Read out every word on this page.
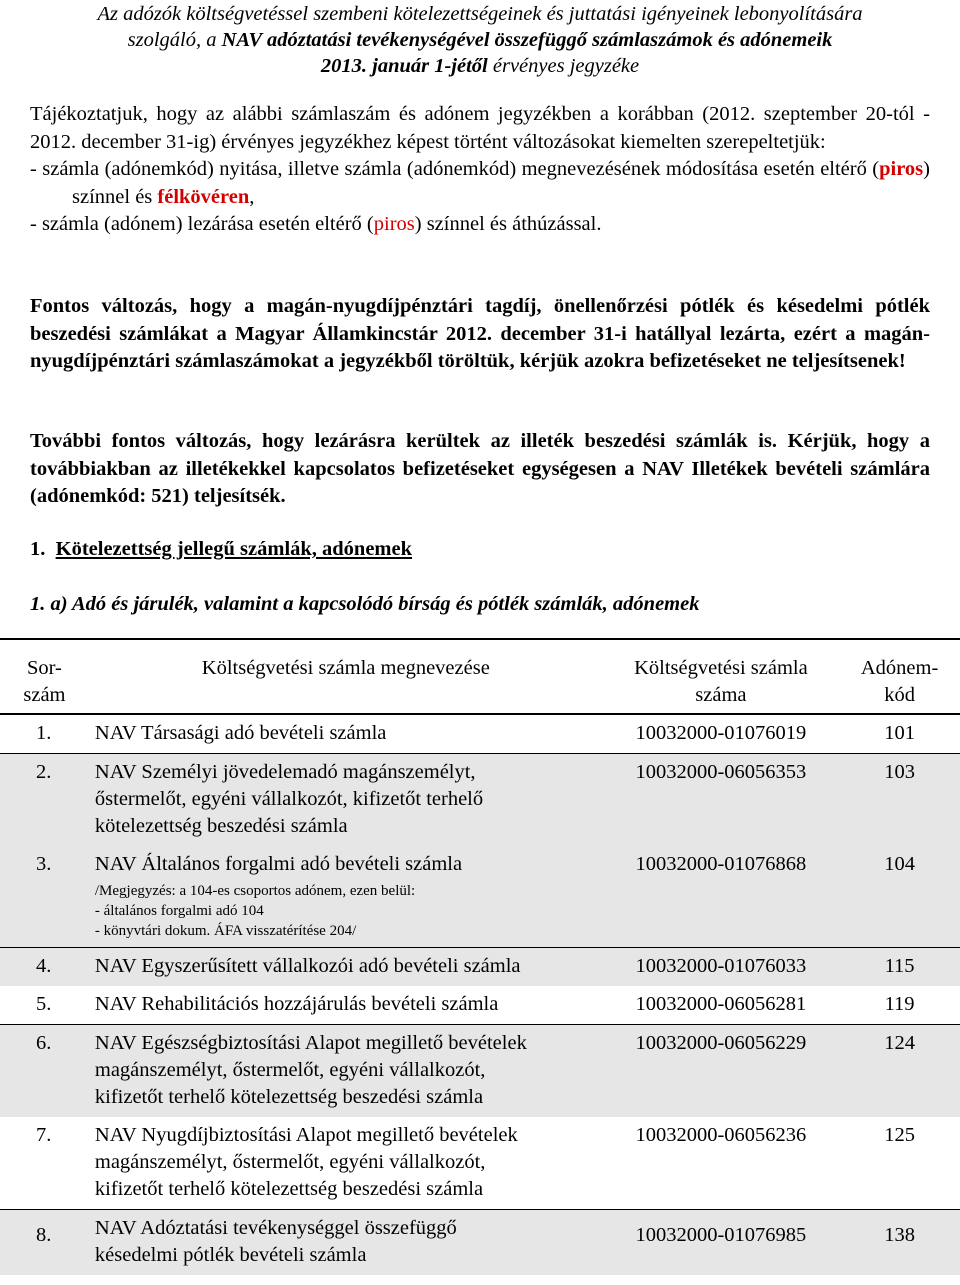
Az adózók költségvetéssel szembeni kötelezettségeinek és juttatási igényeinek lebonyolítására
szolgáló, a NAV adóztatási tevékenységével összefüggő számlaszámok és adónemeik
2013. január 1-jétől érvényes jegyzéke
Tájékoztatjuk, hogy az alábbi számlaszám és adónem jegyzékben a korábban (2012. szeptember 20-tól - 2012. december 31-ig) érvényes jegyzékhez képest történt változásokat kiemelten szerepeltetjük:
- számla (adónemkód) nyitása, illetve számla (adónemkód) megnevezésének módosítása esetén eltérő (piros) színnel és félkövéren,
- számla (adónem) lezárása esetén eltérő (piros) színnel és áthúzással.
Fontos változás, hogy a magán-nyugdíjpénztári tagdíj, önellenőrzési pótlék és késedelmi pótlék beszedési számlákat a Magyar Államkincstár 2012. december 31-i hatállyal lezárta, ezért a magán-nyugdíjpénztári számlaszámokat a jegyzékből töröltük, kérjük azokra befizetéseket ne teljesítsenek!
További fontos változás, hogy lezárásra kerültek az illeték beszedési számlák is. Kérjük, hogy a továbbiakban az illetékekkel kapcsolatos befizetéseket egységesen a NAV Illetékek bevételi számlára (adónemkód: 521) teljesítsék.
1. Kötelezettség jellegű számlák, adónemek
1. a) Adó és járulék, valamint a kapcsolódó bírság és pótlék számlák, adónemek
Sor-
szám	Költségvetési számla megnevezése	Költségvetési számla
száma	Adónem-
kód
1.	NAV Társasági adó bevételi számla	10032000-01076019	101
2.	NAV Személyi jövedelemadó magánszemélyt,
őstermelőt, egyéni vállalkozót, kifizetőt terhelő
kötelezettség beszedési számla	10032000-06056353	103
3.	NAV Általános forgalmi adó bevételi számla
/Megjegyzés: a 104-es csoportos adónem, ezen belül:
- általános forgalmi adó 104
- könyvtári dokum. ÁFA visszatérítése 204/	10032000-01076868	104
4.	NAV Egyszerűsített vállalkozói adó bevételi számla	10032000-01076033	115
5.	NAV Rehabilitációs hozzájárulás bevételi számla	10032000-06056281	119
6.	NAV Egészségbiztosítási Alapot megillető bevételek
magánszemélyt, őstermelőt, egyéni vállalkozót,
kifizetőt terhelő kötelezettség beszedési számla	10032000-06056229	124
7.	NAV Nyugdíjbiztosítási Alapot megillető bevételek
magánszemélyt, őstermelőt, egyéni vállalkozót,
kifizetőt terhelő kötelezettség beszedési számla	10032000-06056236	125
8.	NAV Adóztatási tevékenységgel összefüggő
késedelmi pótlék bevételi számla	10032000-01076985	138
